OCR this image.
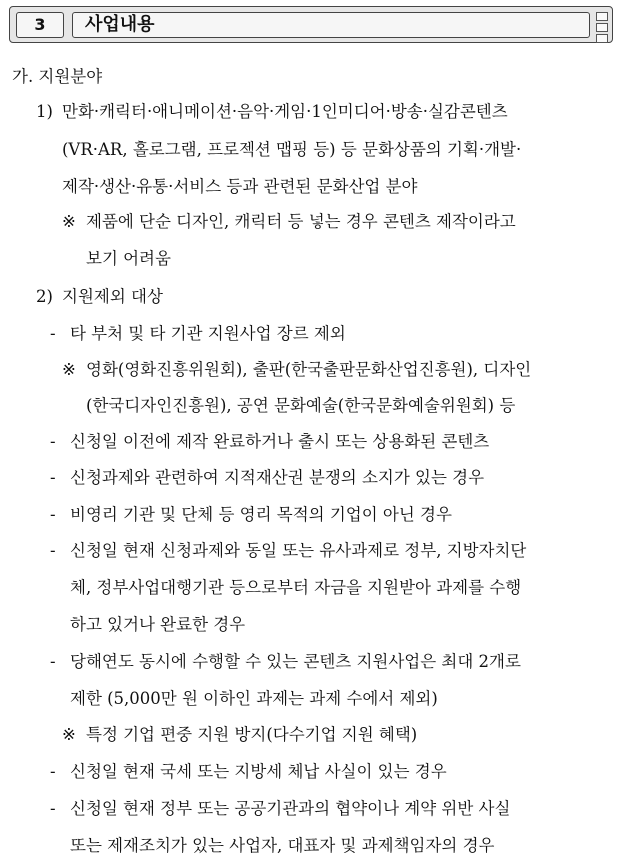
3	사업내용
가. 지원분야
1) 만화·캐릭터·애니메이션·음악·게임·1인미디어·방송·실감콘텐츠
(VR·AR, 홀로그램, 프로젝션 맵핑 등) 등 문화상품의 기획·개발·
제작·생산·유통·서비스 등과 관련된 문화산업 분야
※ 제품에 단순 디자인, 캐릭터 등 넣는 경우 콘텐츠 제작이라고
보기 어려움
2) 지원제외 대상
- 타 부처 및 타 기관 지원사업 장르 제외
※ 영화(영화진흥위원회), 출판(한국출판문화산업진흥원), 디자인
(한국디자인진흥원), 공연 문화예술(한국문화예술위원회) 등
- 신청일 이전에 제작 완료하거나 출시 또는 상용화된 콘텐츠
- 신청과제와 관련하여 지적재산권 분쟁의 소지가 있는 경우
- 비영리 기관 및 단체 등 영리 목적의 기업이 아닌 경우
- 신청일 현재 신청과제와 동일 또는 유사과제로 정부, 지방자치단
체, 정부사업대행기관 등으로부터 자금을 지원받아 과제를 수행
하고 있거나 완료한 경우
- 당해연도 동시에 수행할 수 있는 콘텐츠 지원사업은 최대 2개로
제한 (5,000만 원 이하인 과제는 과제 수에서 제외)
※ 특정 기업 편중 지원 방지(다수기업 지원 혜택)
- 신청일 현재 국세 또는 지방세 체납 사실이 있는 경우
- 신청일 현재 정부 또는 공공기관과의 협약이나 계약 위반 사실
또는 제재조치가 있는 사업자, 대표자 및 과제책임자의 경우
